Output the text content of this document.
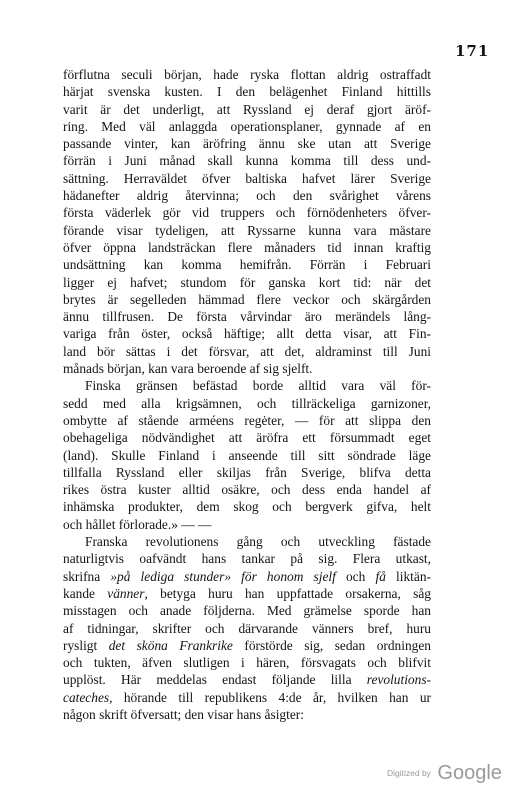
171
förflutna seculi början, hade ryska flottan aldrig ostraffadt
härjat svenska kusten. I den belägenhet Finland hittills
varit är det underligt, att Ryssland ej deraf gjort äröf-
ring. Med väl anlaggda operationsplaner, gynnade af en
passande vinter, kan äröfring ännu ske utan att Sverige
förrän i Juni månad skall kunna komma till dess und-
sättning. Herraväldet öfver baltiska hafvet lärer Sverige
hädanefter aldrig återvinna; och den svårighet vårens
första väderlek gör vid truppers och förnödenheters öfver-
förande visar tydeligen, att Ryssarne kunna vara mästare
öfver öppna landsträckan flere månaders tid innan kraftig
undsättning kan komma hemifrån. Förrän i Februari
ligger ej hafvet; stundom för ganska kort tid: när det
brytes är segelleden hämmad flere veckor och skärgården
ännu tillfrusen. De första vårvindar äro merändels lång-
variga från öster, också häftige; allt detta visar, att Fin-
land bör sättas i det försvar, att det, aldraminst till Juni
månads början, kan vara beroende af sig sjelft.
Finska gränsen befästad borde alltid vara väl för-
sedd med alla krigsämnen, och tillräckeliga garnizoner,
ombytte af stående arméens regėter, — för att slippa den
obehageliga nödvändighet att äröfra ett försummadt eget
(land). Skulle Finland i anseende till sitt söndrade läge
tillfalla Ryssland eller skiljas från Sverige, blifva detta
rikes östra kuster alltid osäkre, och dess enda handel af
inhämska produkter, dem skog och bergverk gifva, helt
och hållet förlorade.» — —
Franska revolutionens gång och utveckling fästade
naturligtvis oafvändt hans tankar på sig. Flera utkast,
skrifna »på lediga stunder» för honom sjelf och få liktän-
kande vänner, betyga huru han uppfattade orsakerna, såg
misstagen och anade följderna. Med grämelse sporde han
af tidningar, skrifter och därvarande vänners bref, huru
rysligt det sköna Frankrike förstörde sig, sedan ordningen
och tukten, äfven slutligen i hären, försvagats och blifvit
upplöst. Här meddelas endast följande lilla revolutions-
cateches, hörande till republikens 4:de år, hvilken han ur
någon skrift öfversatt; den visar hans åsigter:
Digitized by Google
